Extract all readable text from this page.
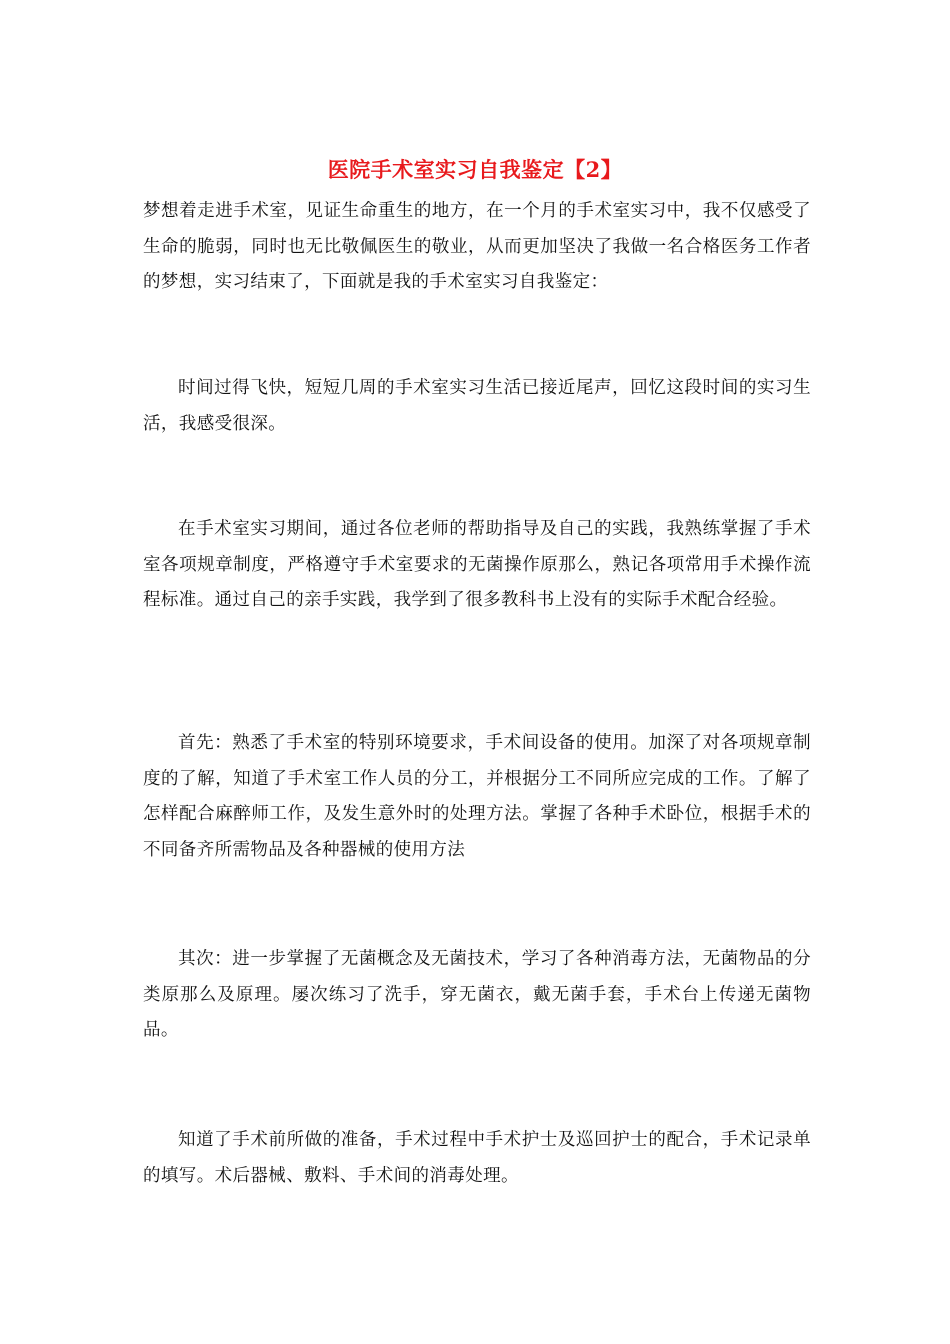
医院手术室实习自我鉴定【2】

梦想着走进手术室，见证生命重生的地方，在一个月的手术室实习中，我不仅感受了生命的脆弱，同时也无比敬佩医生的敬业，从而更加坚决了我做一名合格医务工作者的梦想，实习结束了，下面就是我的手术室实习自我鉴定：

时间过得飞快，短短几周的手术室实习生活已接近尾声，回忆这段时间的实习生活，我感受很深。

在手术室实习期间，通过各位老师的帮助指导及自己的实践，我熟练掌握了手术室各项规章制度，严格遵守手术室要求的无菌操作原那么，熟记各项常用手术操作流程标准。通过自己的亲手实践，我学到了很多教科书上没有的实际手术配合经验。

首先：熟悉了手术室的特别环境要求，手术间设备的使用。加深了对各项规章制度的了解，知道了手术室工作人员的分工，并根据分工不同所应完成的工作。了解了怎样配合麻醉师工作，及发生意外时的处理方法。掌握了各种手术卧位，根据手术的不同备齐所需物品及各种器械的使用方法

其次：进一步掌握了无菌概念及无菌技术，学习了各种消毒方法，无菌物品的分类原那么及原理。屡次练习了洗手，穿无菌衣，戴无菌手套，手术台上传递无菌物品。

知道了手术前所做的准备，手术过程中手术护士及巡回护士的配合，手术记录单的填写。术后器械、敷料、手术间的消毒处理。
